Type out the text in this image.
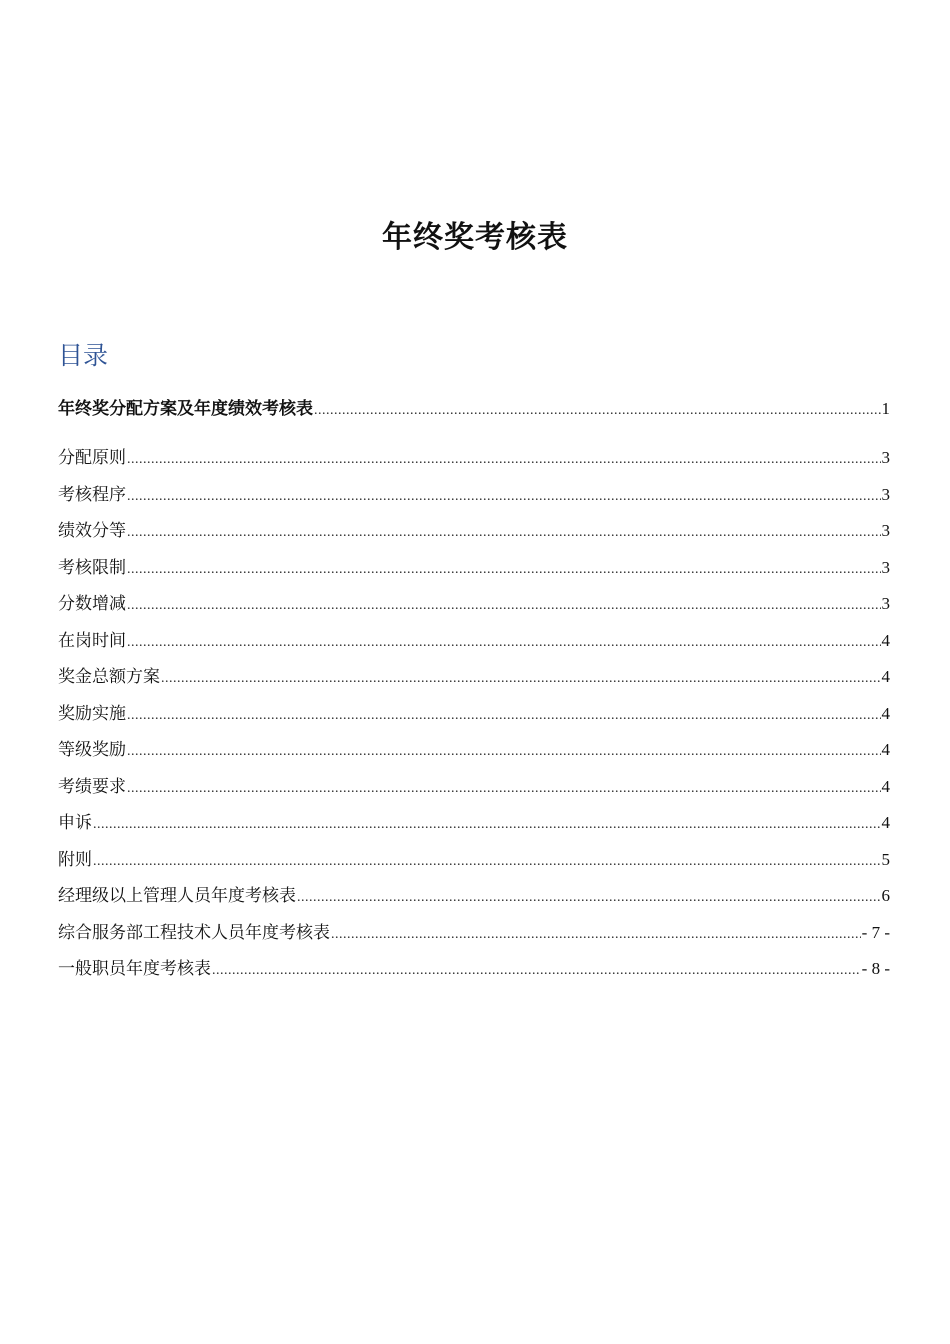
年终奖考核表
目录
年终奖分配方案及年度绩效考核表 .....	1
分配原则 .....	3
考核程序 .....	3
绩效分等 .....	3
考核限制 .....	3
分数增减 .....	3
在岗时间 .....	4
奖金总额方案 .....	4
奖励实施 .....	4
等级奖励 .....	4
考绩要求 .....	4
申诉 .....	4
附则 .....	5
经理级以上管理人员年度考核表 .....	6
综合服务部工程技术人员年度考核表 .....	- 7 -
一般职员年度考核表 .....	- 8 -
